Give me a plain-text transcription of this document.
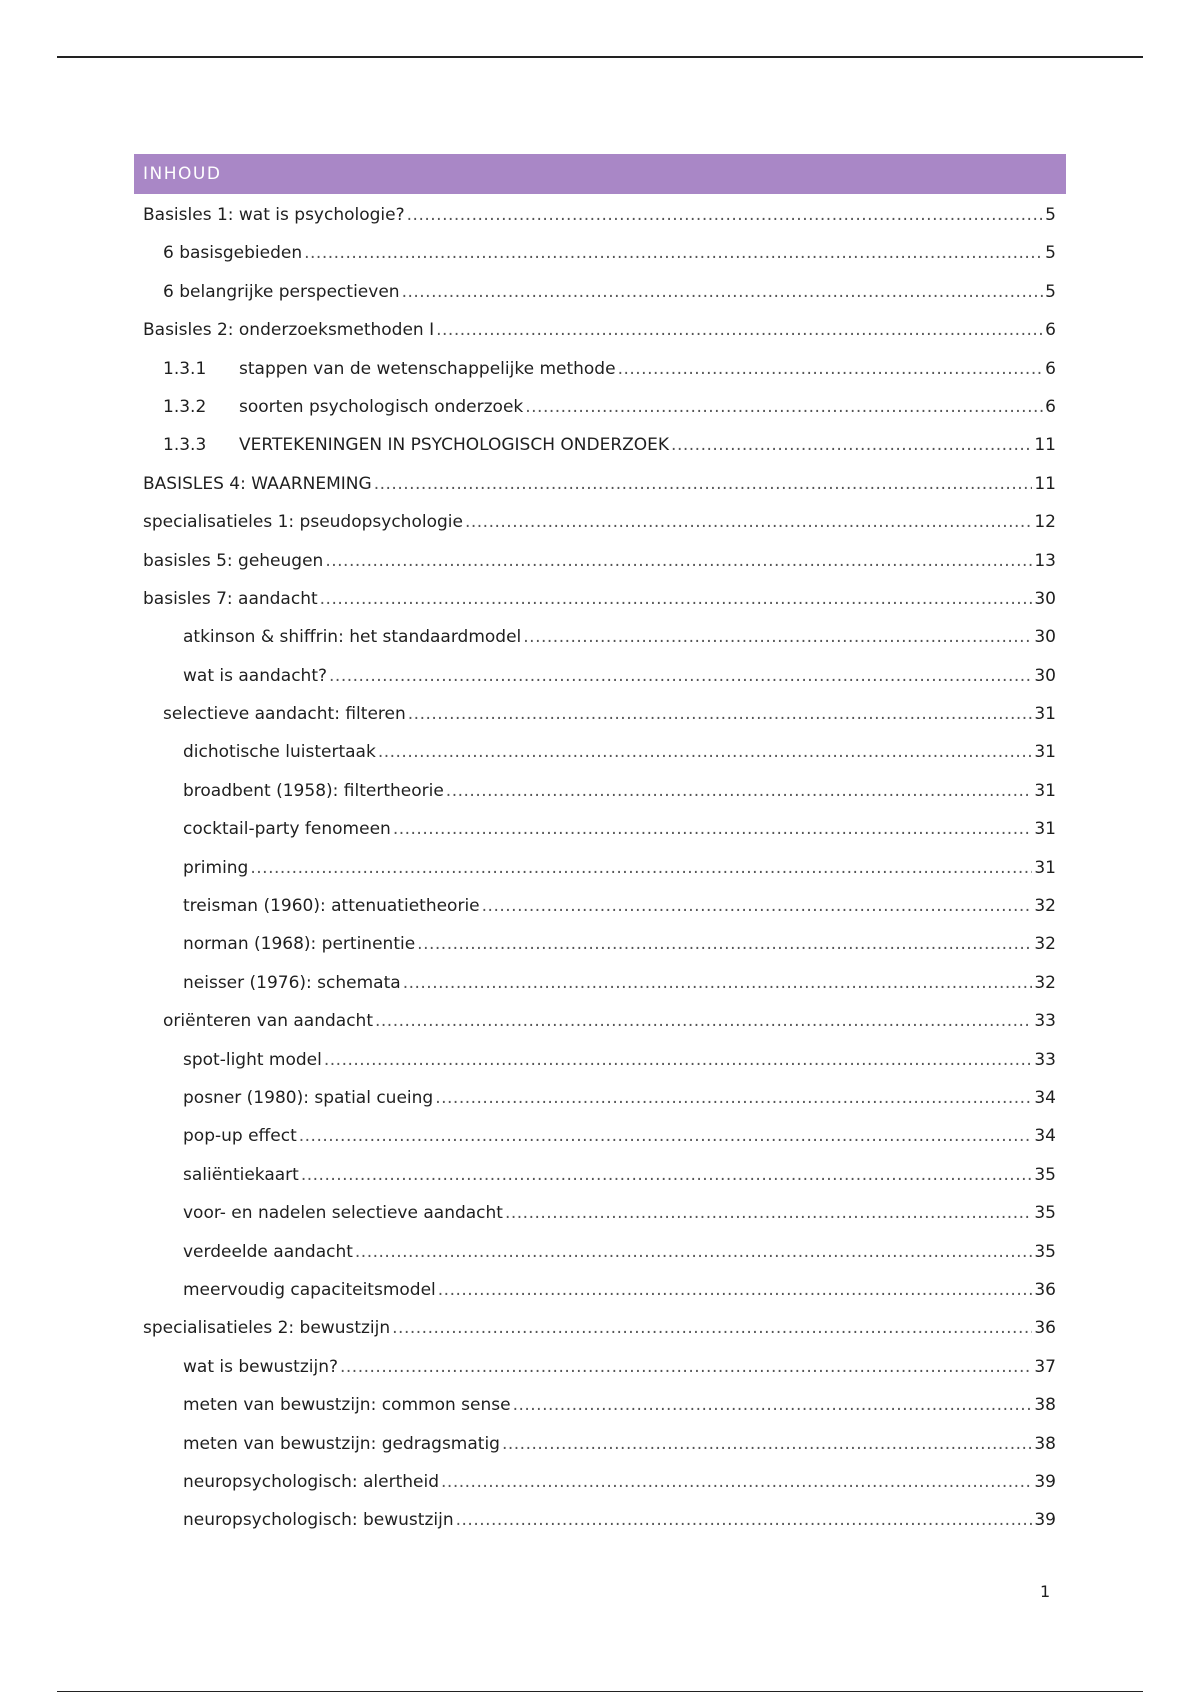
INHOUD
Basisles 1: wat is psychologie? .....	5
6 basisgebieden .....	5
6 belangrijke perspectieven .....	5
Basisles 2: onderzoeksmethoden I .....	6
1.3.1	stappen van de wetenschappelijke methode .....	6
1.3.2	soorten psychologisch onderzoek .....	6
1.3.3	VERTEKENINGEN IN PSYCHOLOGISCH ONDERZOEK .....	11
BASISLES 4: WAARNEMING .....	11
specialisatieles 1: pseudopsychologie .....	12
basisles 5: geheugen .....	13
basisles 7: aandacht .....	30
atkinson & shiffrin: het standaardmodel .....	30
wat is aandacht? .....	30
selectieve aandacht: filteren .....	31
dichotische luistertaak .....	31
broadbent (1958): filtertheorie .....	31
cocktail-party fenomeen .....	31
priming .....	31
treisman (1960): attenuatietheorie .....	32
norman (1968): pertinentie .....	32
neisser (1976): schemata .....	32
oriënteren van aandacht .....	33
spot-light model .....	33
posner (1980): spatial cueing .....	34
pop-up effect .....	34
saliëntiekaart .....	35
voor- en nadelen selectieve aandacht .....	35
verdeelde aandacht .....	35
meervoudig capaciteitsmodel .....	36
specialisatieles 2: bewustzijn .....	36
wat is bewustzijn? .....	37
meten van bewustzijn: common sense .....	38
meten van bewustzijn: gedragsmatig .....	38
neuropsychologisch: alertheid .....	39
neuropsychologisch: bewustzijn .....	39
1
